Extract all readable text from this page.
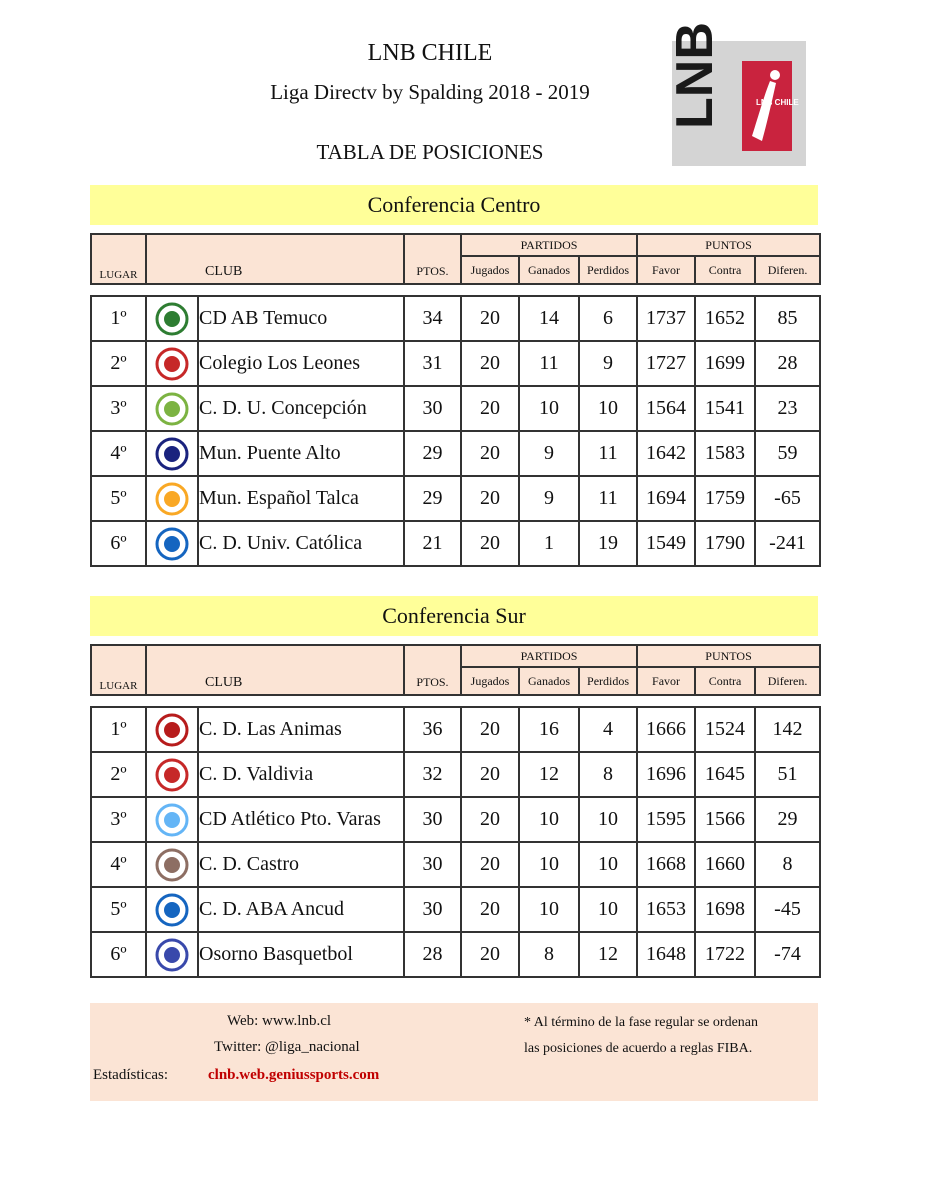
LNB CHILE
Liga Directv by Spalding 2018 - 2019
TABLA DE POSICIONES
LNB	LNB CHILE
Conferencia Centro
LUGAR	CLUB	PTOS.	PARTIDOS			PUNTOS		
			Jugados	Ganados	Perdidos	Favor	Contra	Diferen.
1º		CD AB Temuco	34	20	14	6	1737	1652	85
2º		Colegio Los Leones	31	20	11	9	1727	1699	28
3º		C. D. U. Concepción	30	20	10	10	1564	1541	23
4º		Mun. Puente Alto	29	20	9	11	1642	1583	59
5º		Mun. Español Talca	29	20	9	11	1694	1759	-65
6º		C. D. Univ. Católica	21	20	1	19	1549	1790	-241
Conferencia Sur
LUGAR	CLUB	PTOS.	PARTIDOS			PUNTOS		
			Jugados	Ganados	Perdidos	Favor	Contra	Diferen.
1º		C. D. Las Animas	36	20	16	4	1666	1524	142
2º		C. D. Valdivia	32	20	12	8	1696	1645	51
3º		CD Atlético Pto. Varas	30	20	10	10	1595	1566	29
4º		C. D. Castro	30	20	10	10	1668	1660	8
5º		C. D. ABA Ancud	30	20	10	10	1653	1698	-45
6º		Osorno Basquetbol	28	20	8	12	1648	1722	-74
Web: www.lnb.cl
Twitter: @liga_nacional
Estadísticas:	clnb.web.geniussports.com
* Al término de la fase regular se ordenan
las posiciones de acuerdo a reglas FIBA.
